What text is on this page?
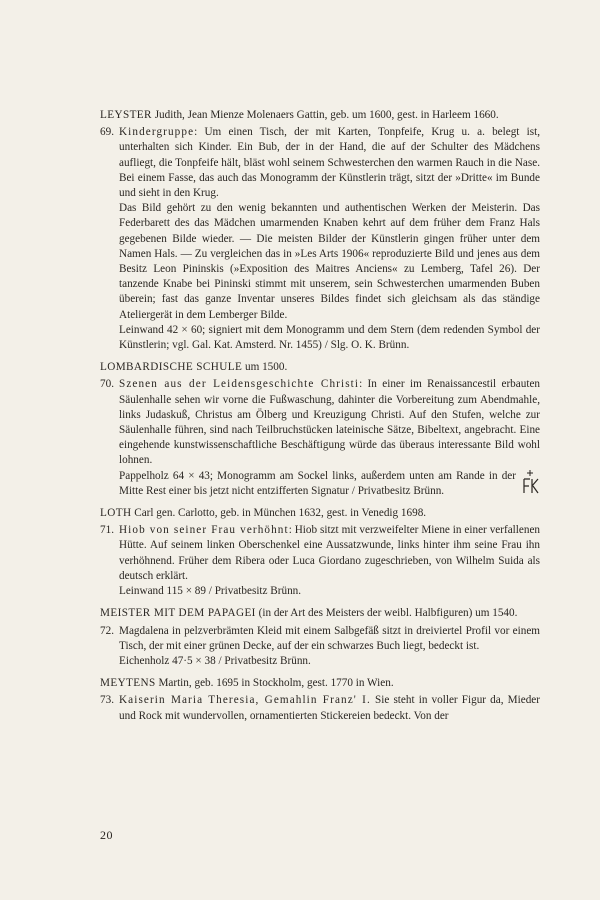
LEYSTER Judith, Jean Mienze Molenaers Gattin, geb. um 1600, gest. in Harleem 1660.
69. Kindergruppe: Um einen Tisch, der mit Karten, Tonpfeife, Krug u. a. belegt ist, unterhalten sich Kinder. Ein Bub, der in der Hand, die auf der Schulter des Mädchens aufliegt, die Tonpfeife hält, bläst wohl seinem Schwesterchen den warmen Rauch in die Nase. Bei einem Fasse, das auch das Monogramm der Künstlerin trägt, sitzt der »Dritte« im Bunde und sieht in den Krug.

Das Bild gehört zu den wenig bekannten und authentischen Werken der Meisterin. Das Federbarett des das Mädchen umarmenden Knaben kehrt auf dem früher dem Franz Hals gegebenen Bilde wieder. — Die meisten Bilder der Künstlerin gingen früher unter dem Namen Hals. — Zu vergleichen das in »Les Arts 1906« reproduzierte Bild und jenes aus dem Besitz Leon Pininskis (»Exposition des Maitres Anciens« zu Lemberg, Tafel 26). Der tanzende Knabe bei Pininski stimmt mit unserem, sein Schwesterchen umarmenden Buben überein; fast das ganze Inventar unseres Bildes findet sich gleichsam als das ständige Ateliergerät in dem Lemberger Bilde.

Leinwand 42 × 60; signiert mit dem Monogramm und dem Stern (dem redenden Symbol der Künstlerin; vgl. Gal. Kat. Amsterd. Nr. 1455) / Slg. O. K. Brünn.

LOMBARDISCHE SCHULE um 1500.
70. Szenen aus der Leidensgeschichte Christi: In einer im Renaissancestil erbauten Säulenhalle sehen wir vorne die Fußwaschung, dahinter die Vorbereitung zum Abendmahle, links Judaskuß, Christus am Ölberg und Kreuzigung Christi. Auf den Stufen, welche zur Säulenhalle führen, sind nach Teilbruchstücken lateinische Sätze, Bibeltext, angebracht. Eine eingehende kunstwissenschaftliche Beschäftigung würde das überaus interessante Bild wohl lohnen.

Pappelholz 64 × 43; Monogramm am Sockel links, außerdem unten am Rande in der Mitte Rest einer bis jetzt nicht entzifferten Signatur / Privatbesitz Brünn.

LOTH Carl gen. Carlotto, geb. in München 1632, gest. in Venedig 1698.
71. Hiob von seiner Frau verhöhnt: Hiob sitzt mit verzweifelter Miene in einer verfallenen Hütte. Auf seinem linken Oberschenkel eine Aussatzwunde, links hinter ihm seine Frau ihn verhöhnend. Früher dem Ribera oder Luca Giordano zugeschrieben, von Wilhelm Suida als deutsch erklärt.

Leinwand 115 × 89 / Privatbesitz Brünn.

MEISTER MIT DEM PAPAGEI (in der Art des Meisters der weibl. Halbfiguren) um 1540.
72. Magdalena in pelzverbrämten Kleid mit einem Salbgefäß sitzt in dreiviertel Profil vor einem Tisch, der mit einer grünen Decke, auf der ein schwarzes Buch liegt, bedeckt ist.

Eichenholz 47·5 × 38 / Privatbesitz Brünn.

MEYTENS Martin, geb. 1695 in Stockholm, gest. 1770 in Wien.
73. Kaiserin Maria Theresia, Gemahlin Franz' I. Sie steht in voller Figur da, Mieder und Rock mit wundervollen, ornamentierten Stickereien bedeckt. Von der

20
